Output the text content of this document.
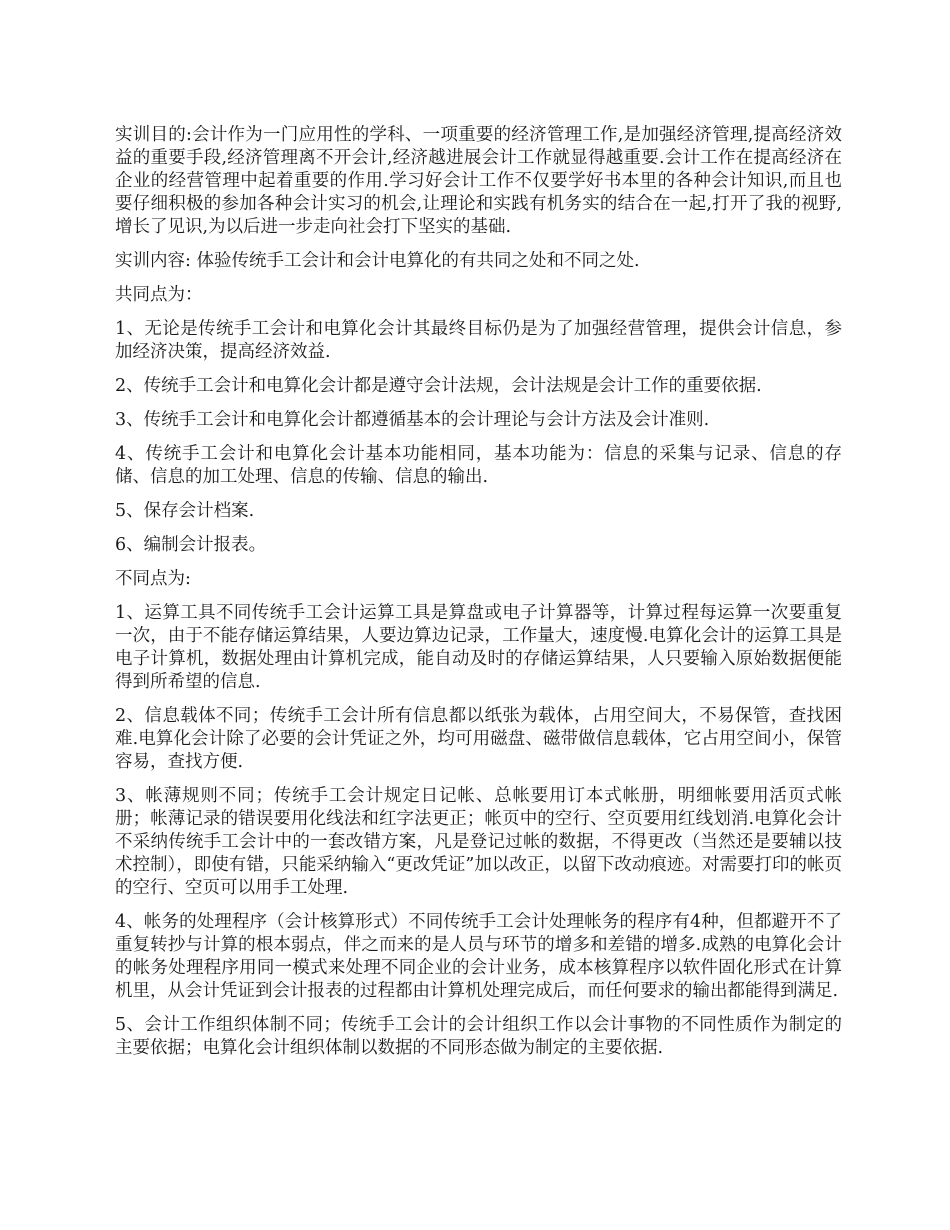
实训目的:会计作为一门应用性的学科、一项重要的经济管理工作,是加强经济管理,提高经济效益的重要手段,经济管理离不开会计,经济越进展会计工作就显得越重要.会计工作在提高经济在企业的经营管理中起着重要的作用.学习好会计工作不仅要学好书本里的各种会计知识,而且也要仔细积极的参加各种会计实习的机会,让理论和实践有机务实的结合在一起,打开了我的视野,增长了见识,为以后进一步走向社会打下坚实的基础.

实训内容: 体验传统手工会计和会计电算化的有共同之处和不同之处.

共同点为：

1、无论是传统手工会计和电算化会计其最终目标仍是为了加强经营管理，提供会计信息，参加经济决策，提高经济效益.

2、传统手工会计和电算化会计都是遵守会计法规，会计法规是会计工作的重要依据.

3、传统手工会计和电算化会计都遵循基本的会计理论与会计方法及会计准则.

4、传统手工会计和电算化会计基本功能相同，基本功能为：信息的采集与记录、信息的存储、信息的加工处理、信息的传输、信息的输出.

5、保存会计档案.

6、编制会计报表。

不同点为:

1、运算工具不同传统手工会计运算工具是算盘或电子计算器等，计算过程每运算一次要重复一次，由于不能存储运算结果，人要边算边记录，工作量大，速度慢.电算化会计的运算工具是电子计算机，数据处理由计算机完成，能自动及时的存储运算结果，人只要输入原始数据便能得到所希望的信息.

2、信息载体不同；传统手工会计所有信息都以纸张为载体，占用空间大，不易保管，查找困难.电算化会计除了必要的会计凭证之外，均可用磁盘、磁带做信息载体，它占用空间小，保管容易，查找方便.

3、帐薄规则不同；传统手工会计规定日记帐、总帐要用订本式帐册，明细帐要用活页式帐册；帐薄记录的错误要用化线法和红字法更正；帐页中的空行、空页要用红线划消.电算化会计不采纳传统手工会计中的一套改错方案，凡是登记过帐的数据，不得更改（当然还是要辅以技术控制），即使有错，只能采纳输入“更改凭证”加以改正，以留下改动痕迹。对需要打印的帐页的空行、空页可以用手工处理.

4、帐务的处理程序（会计核算形式）不同传统手工会计处理帐务的程序有4种，但都避开不了重复转抄与计算的根本弱点，伴之而来的是人员与环节的增多和差错的增多.成熟的电算化会计的帐务处理程序用同一模式来处理不同企业的会计业务，成本核算程序以软件固化形式在计算机里，从会计凭证到会计报表的过程都由计算机处理完成后，而任何要求的输出都能得到满足.

5、会计工作组织体制不同；传统手工会计的会计组织工作以会计事物的不同性质作为制定的主要依据；电算化会计组织体制以数据的不同形态做为制定的主要依据.
